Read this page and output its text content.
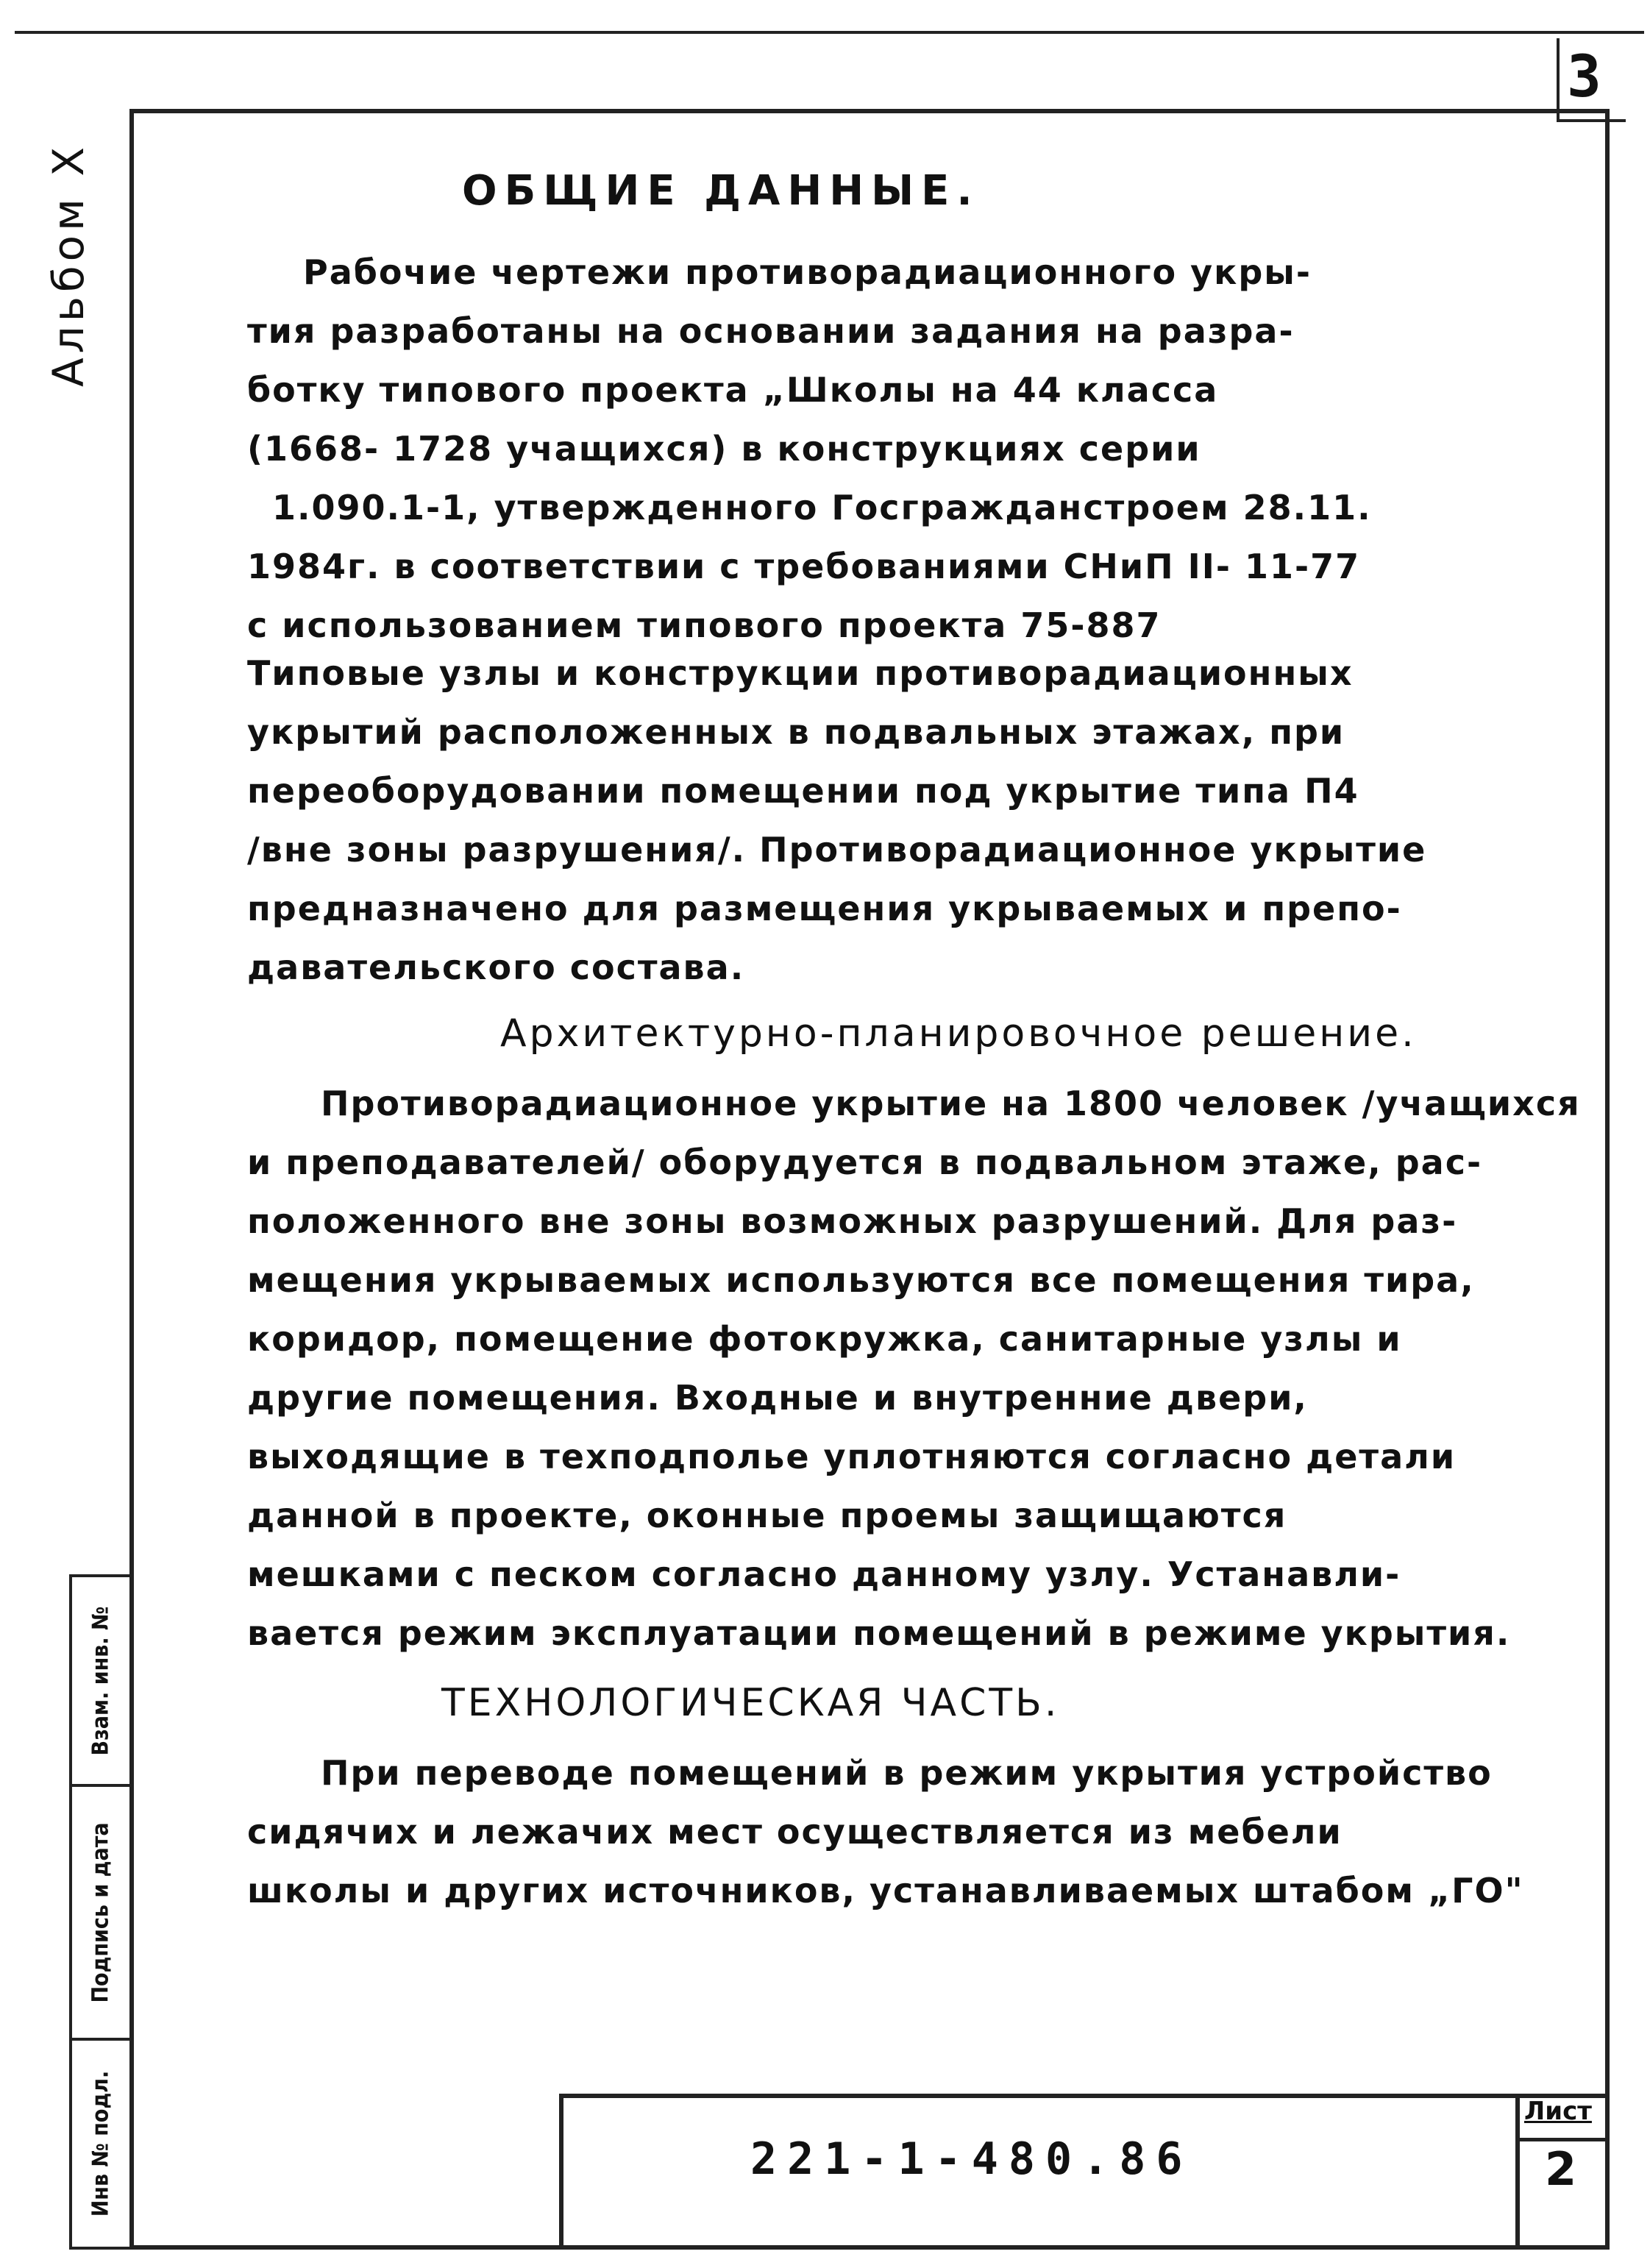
3
Альбом Х
Взам. инв. №
Подпись и дата
Инв № подл.
ОБЩИЕ ДАННЫЕ.
Рабочие чертежи противорадиационного укры-
тия разработаны на основании задания на разра-
ботку типового проекта „Школы на 44 класса
(1668- 1728 учащихся) в конструкциях серии
1.090.1-1, утвержденного Госгражданстроем 28.11.
1984г. в соответствии с требованиями СНиП II- 11-77
с использованием типового проекта 75-887
Типовые узлы и конструкции противорадиационных
укрытий расположенных в подвальных этажах, при
переоборудовании помещении под укрытие типа П4
/вне зоны разрушения/. Противорадиационное укрытие
предназначено для размещения укрываемых и препо-
давательского состава.
Архитектурно-планировочное решение.
Противорадиационное укрытие на 1800 человек /учащихся
и преподавателей/ оборудуется в подвальном этаже, рас-
положенного вне зоны возможных разрушений. Для раз-
мещения укрываемых используются все помещения тира,
коридор, помещение фотокружка, санитарные узлы и
другие помещения. Входные и внутренние двери,
выходящие в техподполье уплотняются согласно детали
данной в проекте, оконные проемы защищаются
мешками с песком согласно данному узлу. Устанавли-
вается режим эксплуатации помещений в режиме укрытия.
ТЕХНОЛОГИЧЕСКАЯ ЧАСТЬ.
При переводе помещений в режим укрытия устройство
сидячих и лежачих мест осуществляется из мебели
школы и других источников, устанавливаемых штабом „ГО"
221-1-480.86
Лист
2
